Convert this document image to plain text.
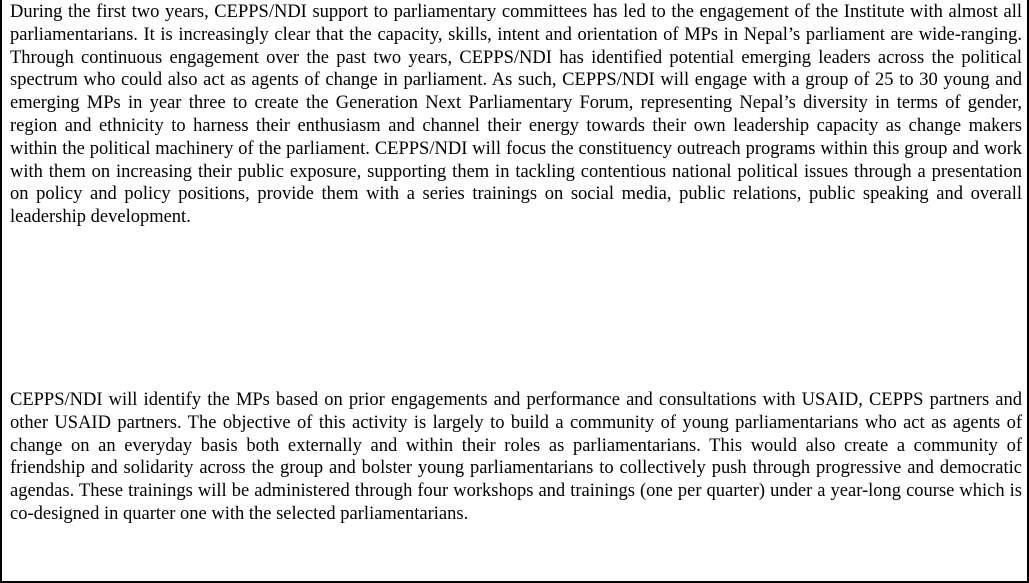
During the first two years, CEPPS/NDI support to parliamentary committees has led to the engagement of the Institute with almost all parliamentarians. It is increasingly clear that the capacity, skills, intent and orientation of MPs in Nepal’s parliament are wide-ranging. Through continuous engagement over the past two years, CEPPS/NDI has identified potential emerging leaders across the political spectrum who could also act as agents of change in parliament. As such, CEPPS/NDI will engage with a group of 25 to 30 young and emerging MPs in year three to create the Generation Next Parliamentary Forum, representing Nepal’s diversity in terms of gender, region and ethnicity to harness their enthusiasm and channel their energy towards their own leadership capacity as change makers within the political machinery of the parliament. CEPPS/NDI will focus the constituency outreach programs within this group and work with them on increasing their public exposure, supporting them in tackling contentious national political issues through a presentation on policy and policy positions, provide them with a series trainings on social media, public relations, public speaking and overall leadership development.

CEPPS/NDI will identify the MPs based on prior engagements and performance and consultations with USAID, CEPPS partners and other USAID partners. The objective of this activity is largely to build a community of young parliamentarians who act as agents of change on an everyday basis both externally and within their roles as parliamentarians. This would also create a community of friendship and solidarity across the group and bolster young parliamentarians to collectively push through progressive and democratic agendas. These trainings will be administered through four workshops and trainings (one per quarter) under a year-long course which is co-designed in quarter one with the selected parliamentarians.
